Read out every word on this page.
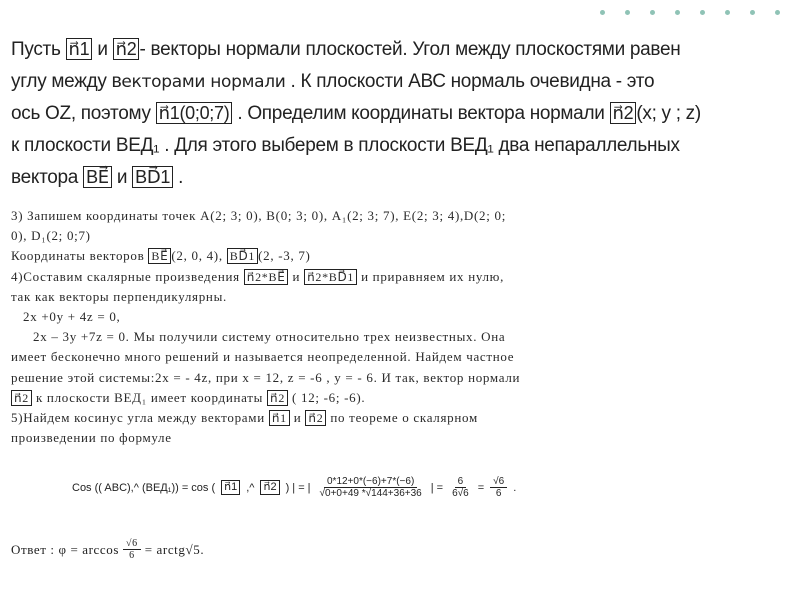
Пусть n⃗1 и n⃗2 - векторы нормали плоскостей. Угол между плоскостями равен
углу между векторами нормали . К плоскости АВС нормаль очевидна - это
ось OZ, поэтому n⃗1(0;0;7) . Определим координаты вектора нормали n⃗2 (x; y ; z)
к плоскости ВЕД₁ . Для этого выберем в плоскости ВЕД₁ два непараллельных
вектора BE⃗ и BD⃗1 .
3) Запишем координаты точек А(2; 3; 0), В(0; 3; 0), А₁(2; 3; 7), Е(2; 3; 4),D(2; 0;
0), D₁(2; 0;7)
Координаты векторов BE⃗ (2, 0, 4), BD⃗1 (2, -3, 7)
4)Составим скалярные произведения n⃗2*BE⃗ и n⃗2*BD⃗1 и приравняем их нулю,
так как векторы перпендикулярны.
2x +0y + 4z = 0,
2x – 3y +7z = 0. Мы получили систему относительно трех неизвестных. Она
имеет бесконечно много решений и называется неопределенной. Найдем частное
решение этой системы:2x = - 4z, при x = 12, z = -6 , y = - 6. И так, вектор нормали
n⃗2 к плоскости ВЕД₁ имеет координаты n⃗2 ( 12; -6; -6).
5)Найдем косинус угла между векторами n⃗1 и n⃗2 по теореме о скалярном
произведении по формуле
Cos (( ABC),^ (ВЕД₁)) = cos ( n⃗1 ,^ n⃗2 ) | = | $\frac{0*12+0*(-6)+7*(-6)}{√0+0+49 *√144+36+36}$ | = $\frac{6}{6√6} = \frac{√6}{6}$ .
Ответ : $\varphi = \arccos \frac{√6}{6}$ = arctg√5.
